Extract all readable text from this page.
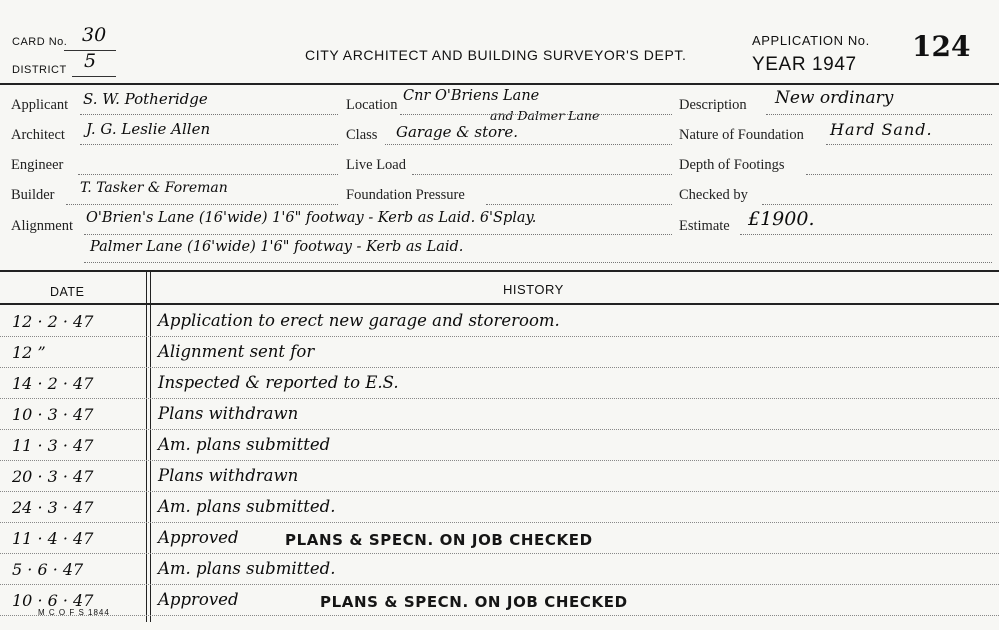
CARD No. 30
DISTRICT 5	CITY ARCHITECT AND BUILDING SURVEYOR'S DEPT.
APPLICATION No. 124
YEAR 1947
Applicant S. W. Potheridge
Architect J. G. Leslie Allen
Engineer
Builder T. Tasker & Foreman
Location
Cnr O'Briens Lane
and Dalmer Lane
Class Garage & store.
Live Load
Foundation Pressure
Description New ordinary
Nature of Foundation Hard Sand.
Depth of Footings
Checked by
Estimate £1900.
Alignment O'Brien's Lane (16'wide) 1'6" footway - Kerb as Laid. 6'Splay.
Palmer Lane (16'wide) 1'6" footway - Kerb as Laid.
DATE	HISTORY
12 · 2 · 47	Application to erect new garage and storeroom.
12 ”	Alignment sent for
14 · 2 · 47	Inspected & reported to E.S.
10 · 3 · 47	Plans withdrawn
11 · 3 · 47	Am. plans submitted
20 · 3 · 47	Plans withdrawn
24 · 3 · 47	Am. plans submitted.
11 · 4 · 47	Approved	PLANS & SPECN. ON JOB CHECKED
5 · 6 · 47	Am. plans submitted.
10 · 6 · 47	Approved	PLANS & SPECN. ON JOB CHECKED
M C O F S 1844
